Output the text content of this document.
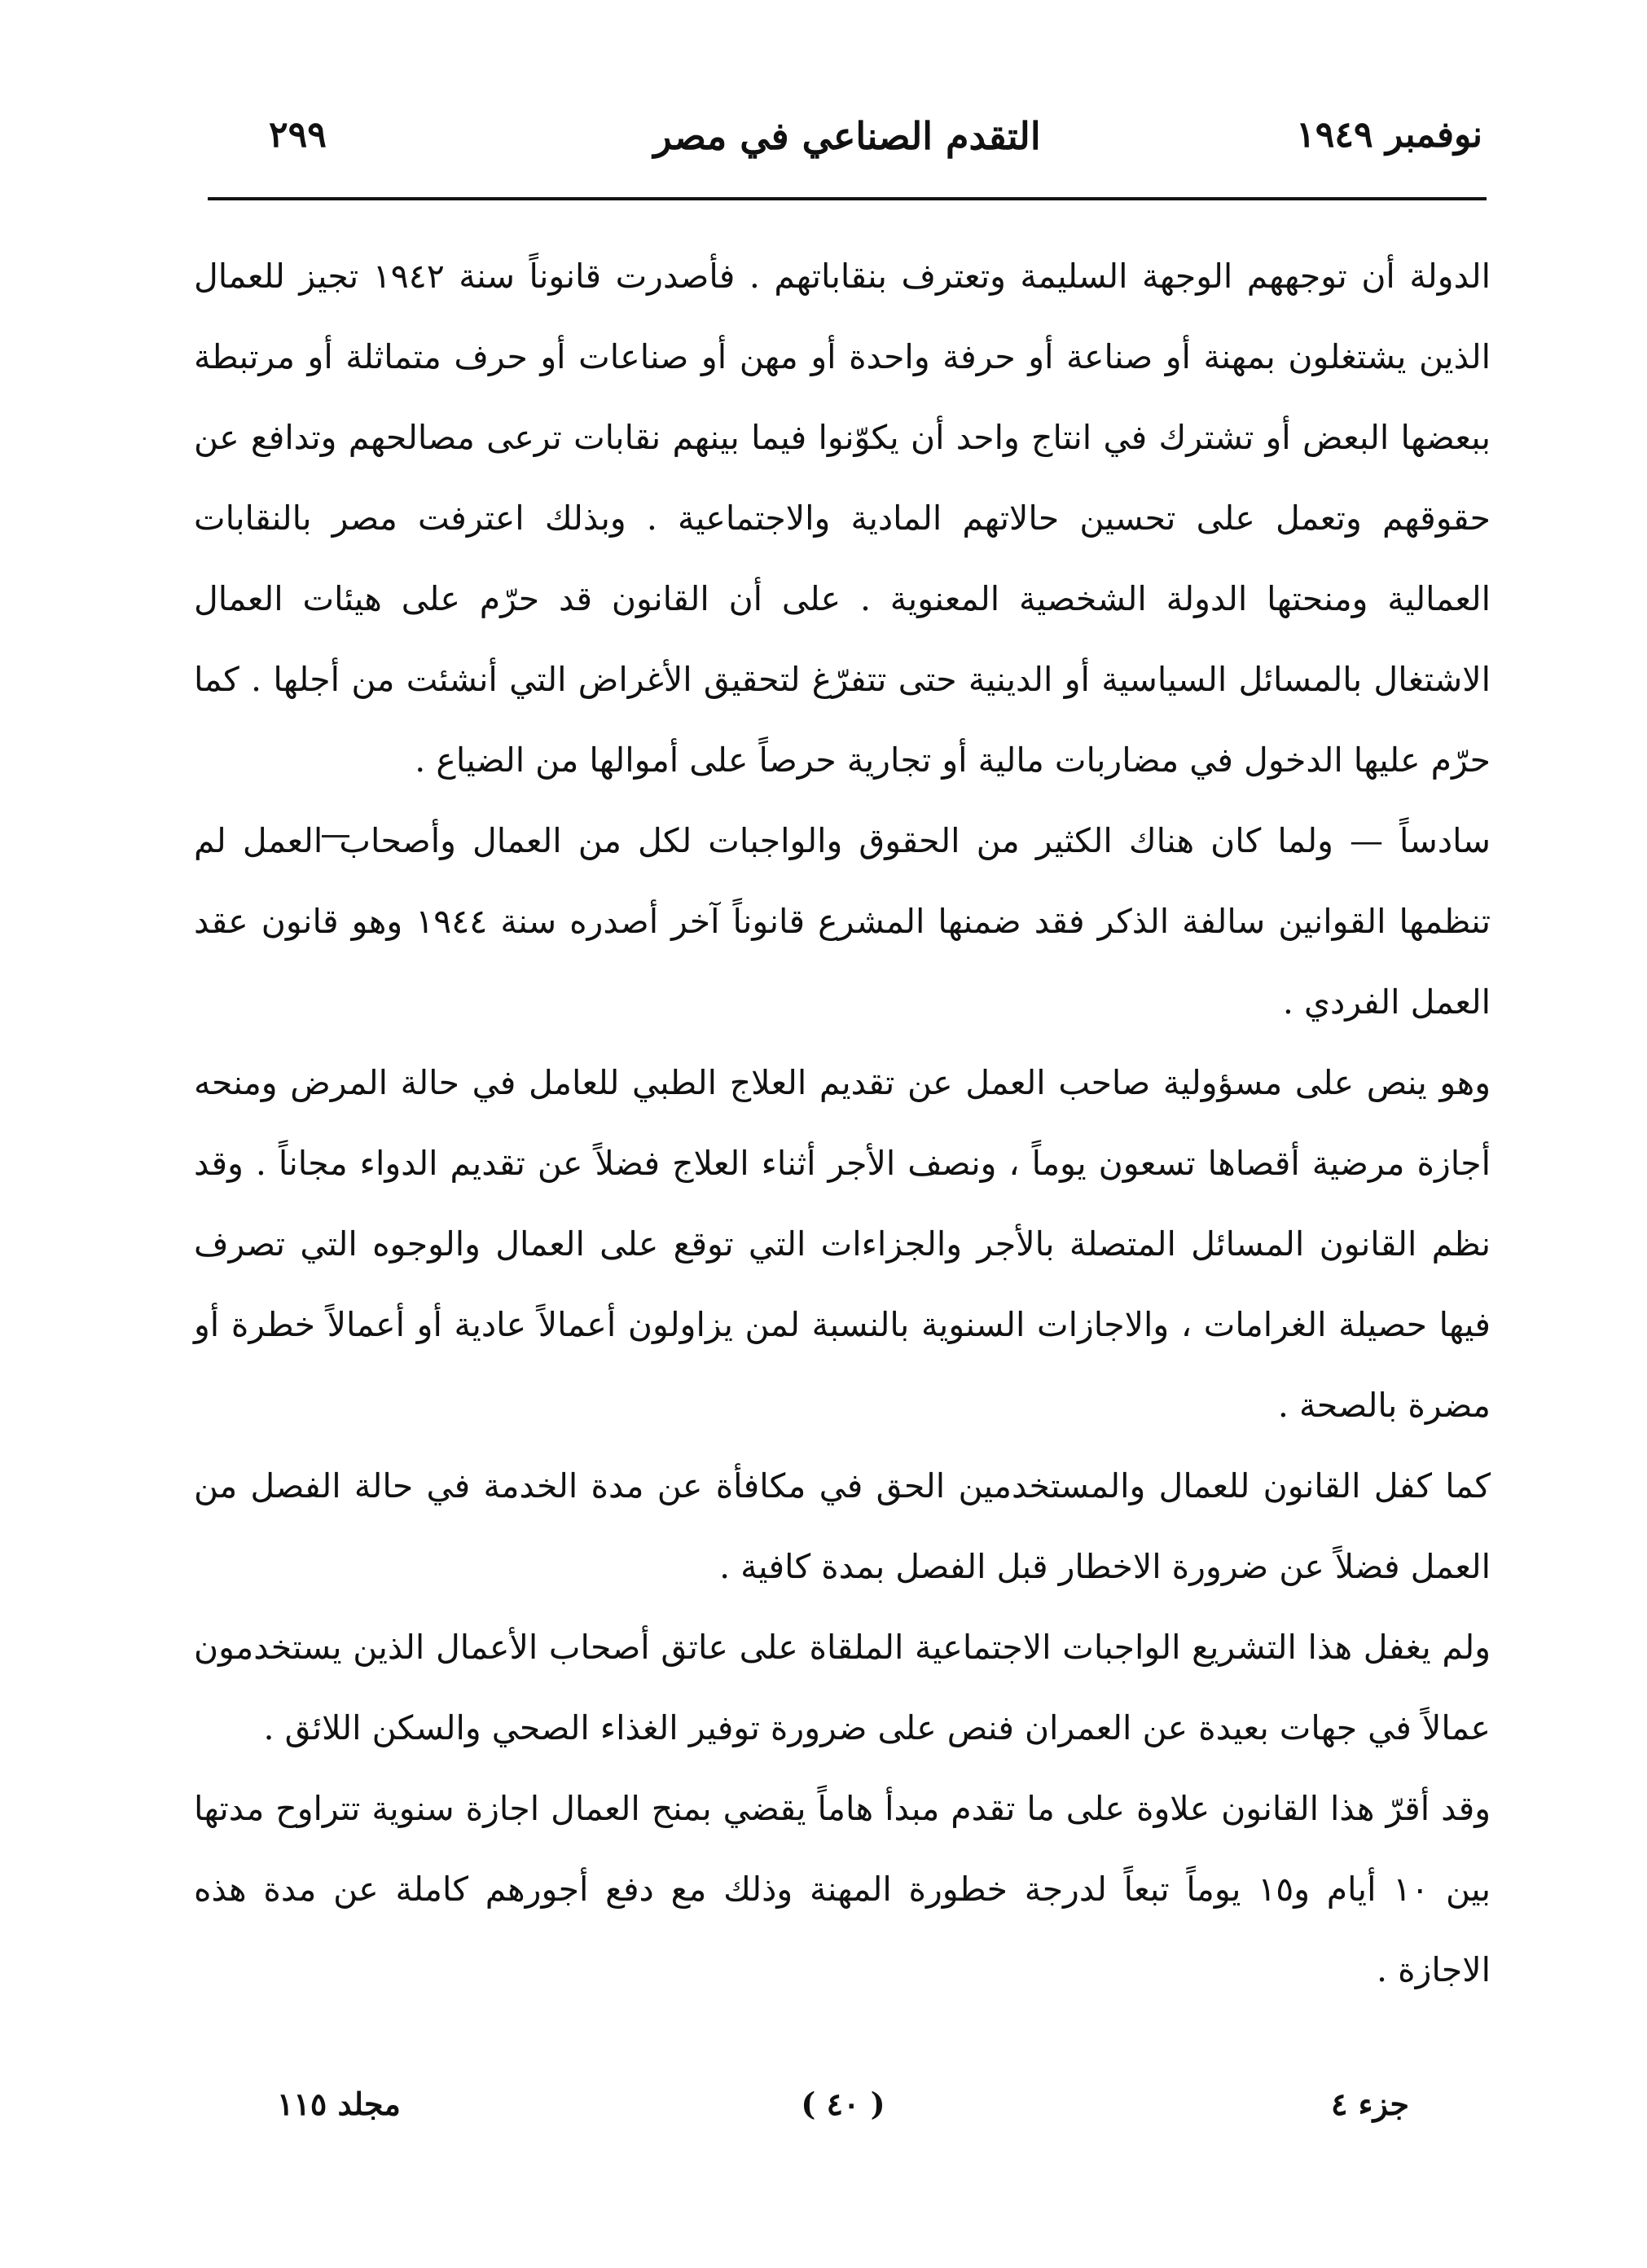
نوفمبر ١٩٤٩
التقدم الصناعي في مصر
٢٩٩

الدولة أن توجههم الوجهة السليمة وتعترف بنقاباتهم . فأصدرت قانوناً سنة ١٩٤٢ تجيز للعمال الذين يشتغلون بمهنة أو صناعة أو حرفة واحدة أو مهن أو صناعات أو حرف متماثلة أو مرتبطة ببعضها البعض أو تشترك في انتاج واحد أن يكوّنوا فيما بينهم نقابات ترعى مصالحهم وتدافع عن حقوقهم وتعمل على تحسين حالاتهم المادية والاجتماعية . وبذلك اعترفت مصر بالنقابات العمالية ومنحتها الدولة الشخصية المعنوية . على أن القانون قد حرّم على هيئات العمال الاشتغال بالمسائل السياسية أو الدينية حتى تتفرّغ لتحقيق الأغراض التي أنشئت من أجلها . كما حرّم عليها الدخول في مضاربات مالية أو تجارية حرصاً على أموالها من الضياع .

سادساً — ولما كان هناك الكثير من الحقوق والواجبات لكل من العمال وأصحاب العمل لم تنظمها القوانين سالفة الذكر فقد ضمنها المشرع قانوناً آخر أصدره سنة ١٩٤٤ وهو قانون عقد العمل الفردي .

وهو ينص على مسؤولية صاحب العمل عن تقديم العلاج الطبي للعامل في حالة المرض ومنحه أجازة مرضية أقصاها تسعون يوماً ، ونصف الأجر أثناء العلاج فضلاً عن تقديم الدواء مجاناً . وقد نظم القانون المسائل المتصلة بالأجر والجزاءات التي توقع على العمال والوجوه التي تصرف فيها حصيلة الغرامات ، والاجازات السنوية بالنسبة لمن يزاولون أعمالاً عادية أو أعمالاً خطرة أو مضرة بالصحة .

كما كفل القانون للعمال والمستخدمين الحق في مكافأة عن مدة الخدمة في حالة الفصل من العمل فضلاً عن ضرورة الاخطار قبل الفصل بمدة كافية .

ولم يغفل هذا التشريع الواجبات الاجتماعية الملقاة على عاتق أصحاب الأعمال الذين يستخدمون عمالاً في جهات بعيدة عن العمران فنص على ضرورة توفير الغذاء الصحي والسكن اللائق .

وقد أقرّ هذا القانون علاوة على ما تقدم مبدأ هاماً يقضي بمنح العمال اجازة سنوية تتراوح مدتها بين ١٠ أيام و١٥ يوماً تبعاً لدرجة خطورة المهنة وذلك مع دفع أجورهم كاملة عن مدة هذه الاجازة .

جزء ٤
( ٤٠ )
مجلد ١١٥
